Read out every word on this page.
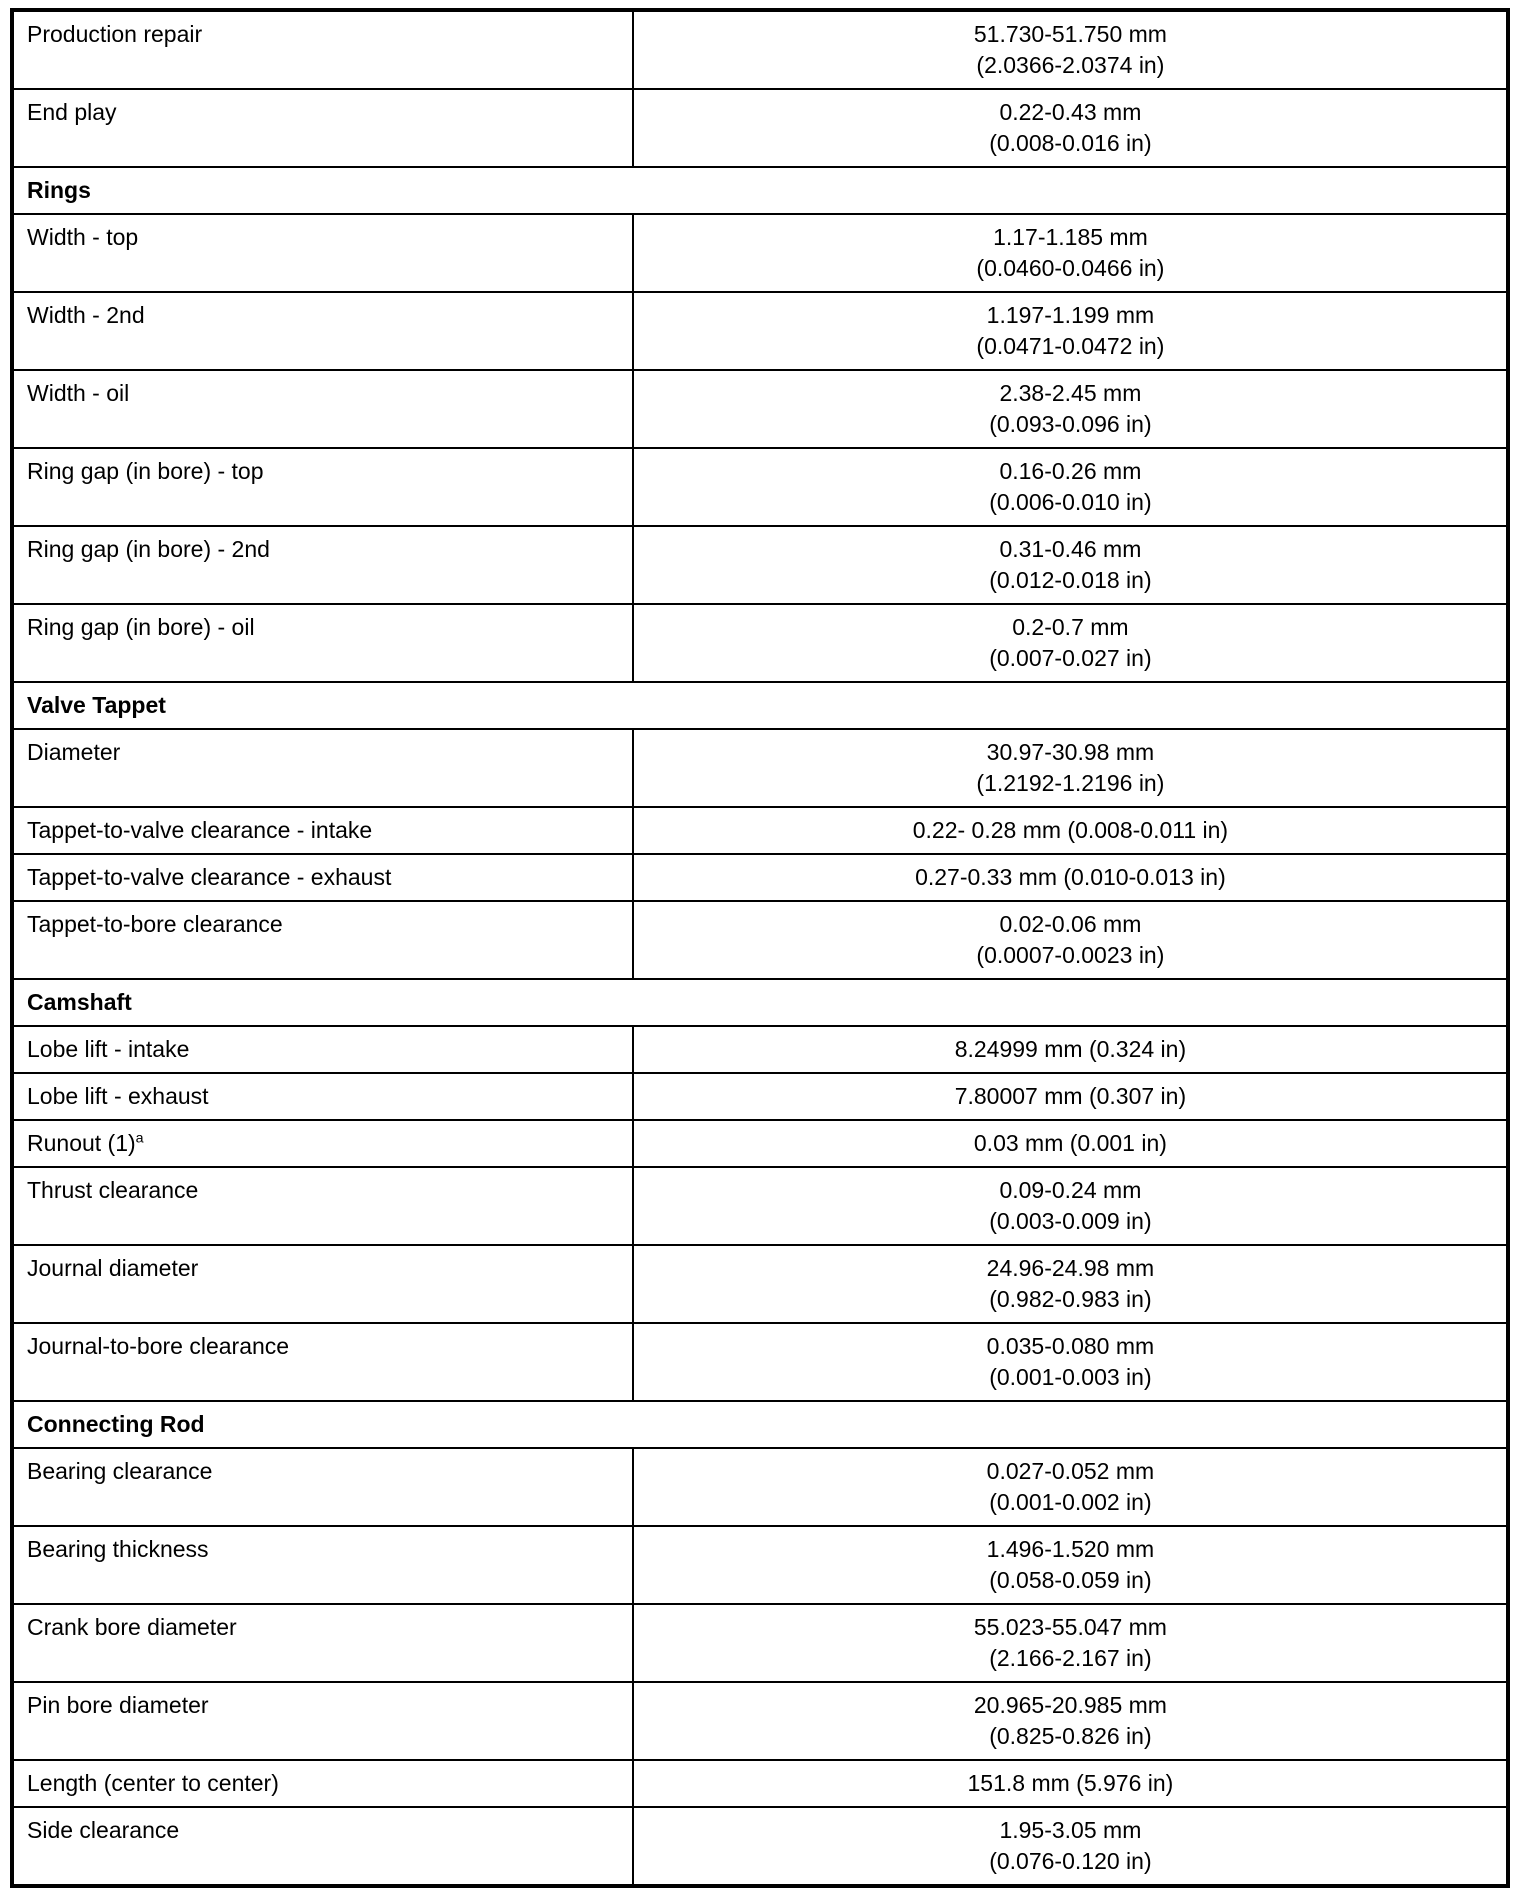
Production repair	51.730-51.750 mm
(2.0366-2.0374 in)

End play	0.22-0.43 mm
(0.008-0.016 in)

Rings	
Width - top	1.17-1.185 mm
(0.0460-0.0466 in)

Width - 2nd	1.197-1.199 mm
(0.0471-0.0472 in)

Width - oil	2.38-2.45 mm
(0.093-0.096 in)

Ring gap (in bore) - top	0.16-0.26 mm
(0.006-0.010 in)

Ring gap (in bore) - 2nd	0.31-0.46 mm
(0.012-0.018 in)

Ring gap (in bore) - oil	0.2-0.7 mm
(0.007-0.027 in)

Valve Tappet	
Diameter	30.97-30.98 mm
(1.2192-1.2196 in)

Tappet-to-valve clearance - intake	0.22- 0.28 mm (0.008-0.011 in)

Tappet-to-valve clearance - exhaust	0.27-0.33 mm (0.010-0.013 in)

Tappet-to-bore clearance	0.02-0.06 mm
(0.0007-0.0023 in)

Camshaft	
Lobe lift - intake	8.24999 mm (0.324 in)

Lobe lift - exhaust	7.80007 mm (0.307 in)

Runout $(1)^a$	0.03 mm (0.001 in)

Thrust clearance	0.09-0.24 mm
(0.003-0.009 in)

Journal diameter	24.96-24.98 mm
(0.982-0.983 in)

Journal-to-bore clearance	0.035-0.080 mm
(0.001-0.003 in)

Connecting Rod	
Bearing clearance	0.027-0.052 mm
(0.001-0.002 in)

Bearing thickness	1.496-1.520 mm
(0.058-0.059 in)

Crank bore diameter	55.023-55.047 mm
(2.166-2.167 in)

Pin bore diameter	20.965-20.985 mm
(0.825-0.826 in)

Length (center to center)	151.8 mm (5.976 in)

Side clearance	1.95-3.05 mm
(0.076-0.120 in)
